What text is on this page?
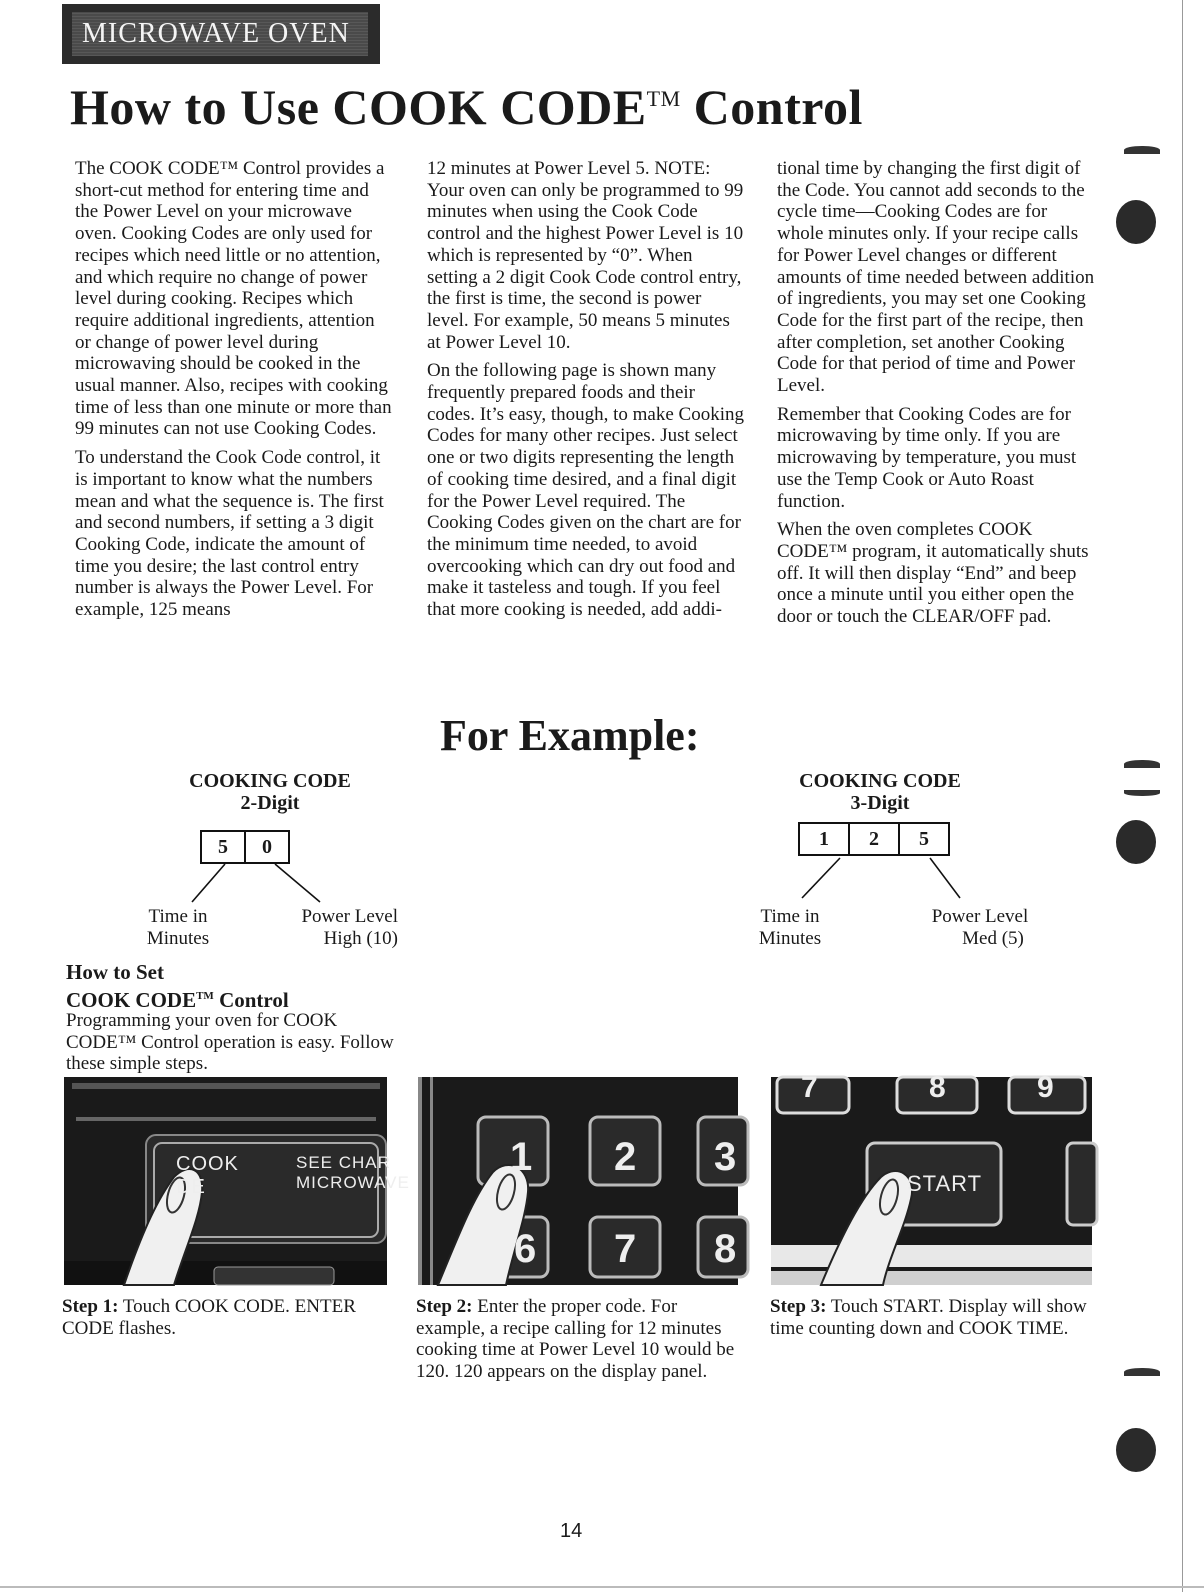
MICROWAVE OVEN
How to Use COOK CODE™ Control

The COOK CODE™ Control provides a short-cut method for entering time and the Power Level on your microwave oven. Cooking Codes are only used for recipes which need little or no attention, and which require no change of power level during cooking. Recipes which require additional ingredients, attention or change of power level during microwaving should be cooked in the usual manner. Also, recipes with cooking time of less than one minute or more than 99 minutes can not use Cooking Codes.

To understand the Cook Code control, it is important to know what the numbers mean and what the sequence is. The first and second numbers, if setting a 3 digit Cooking Code, indicate the amount of time you desire; the last control entry number is always the Power Level. For example, 125 means

12 minutes at Power Level 5. NOTE: Your oven can only be programmed to 99 minutes when using the Cook Code control and the highest Power Level is 10 which is represented by “0”. When setting a 2 digit Cook Code control entry, the first is time, the second is power level. For example, 50 means 5 minutes at Power Level 10.

On the following page is shown many frequently prepared foods and their codes. It’s easy, though, to make Cooking Codes for many other recipes. Just select one or two digits representing the length of cooking time desired, and a final digit for the Power Level required. The Cooking Codes given on the chart are for the minimum time needed, to avoid overcooking which can dry out food and make it tasteless and tough. If you feel that more cooking is needed, add addi-

tional time by changing the first digit of the Code. You cannot add seconds to the cycle time—Cooking Codes are for whole minutes only. If your recipe calls for Power Level changes or different amounts of time needed between addition of ingredients, you may set one Cooking Code for the first part of the recipe, then after completion, set another Cooking Code for that period of time and Power Level.

Remember that Cooking Codes are for microwaving by time only. If you are microwaving by temperature, you must use the Temp Cook or Auto Roast function.

When the oven completes COOK CODE™ program, it automatically shuts off. It will then display “End” and beep once a minute until you either open the door or touch the CLEAR/OFF pad.

For Example:
COOKING CODE
2-Digit
5	0
Time in
Minutes
Power Level
High (10)
COOKING CODE
3-Digit
1	2	5
Time in
Minutes
Power Level
Med (5)
How to Set
COOK CODE™ Control
Programming your oven for COOK CODE™ Control operation is easy. Follow these simple steps.
COOK
DE
SEE CHAR
MICROWAVE
1 2 3
6 7 8
7	8	9
START
Step 1: Touch COOK CODE. ENTER CODE flashes.
Step 2: Enter the proper code. For example, a recipe calling for 12 minutes cooking time at Power Level 10 would be 120. 120 appears on the display panel.
Step 3: Touch START. Display will show time counting down and COOK TIME.
14
